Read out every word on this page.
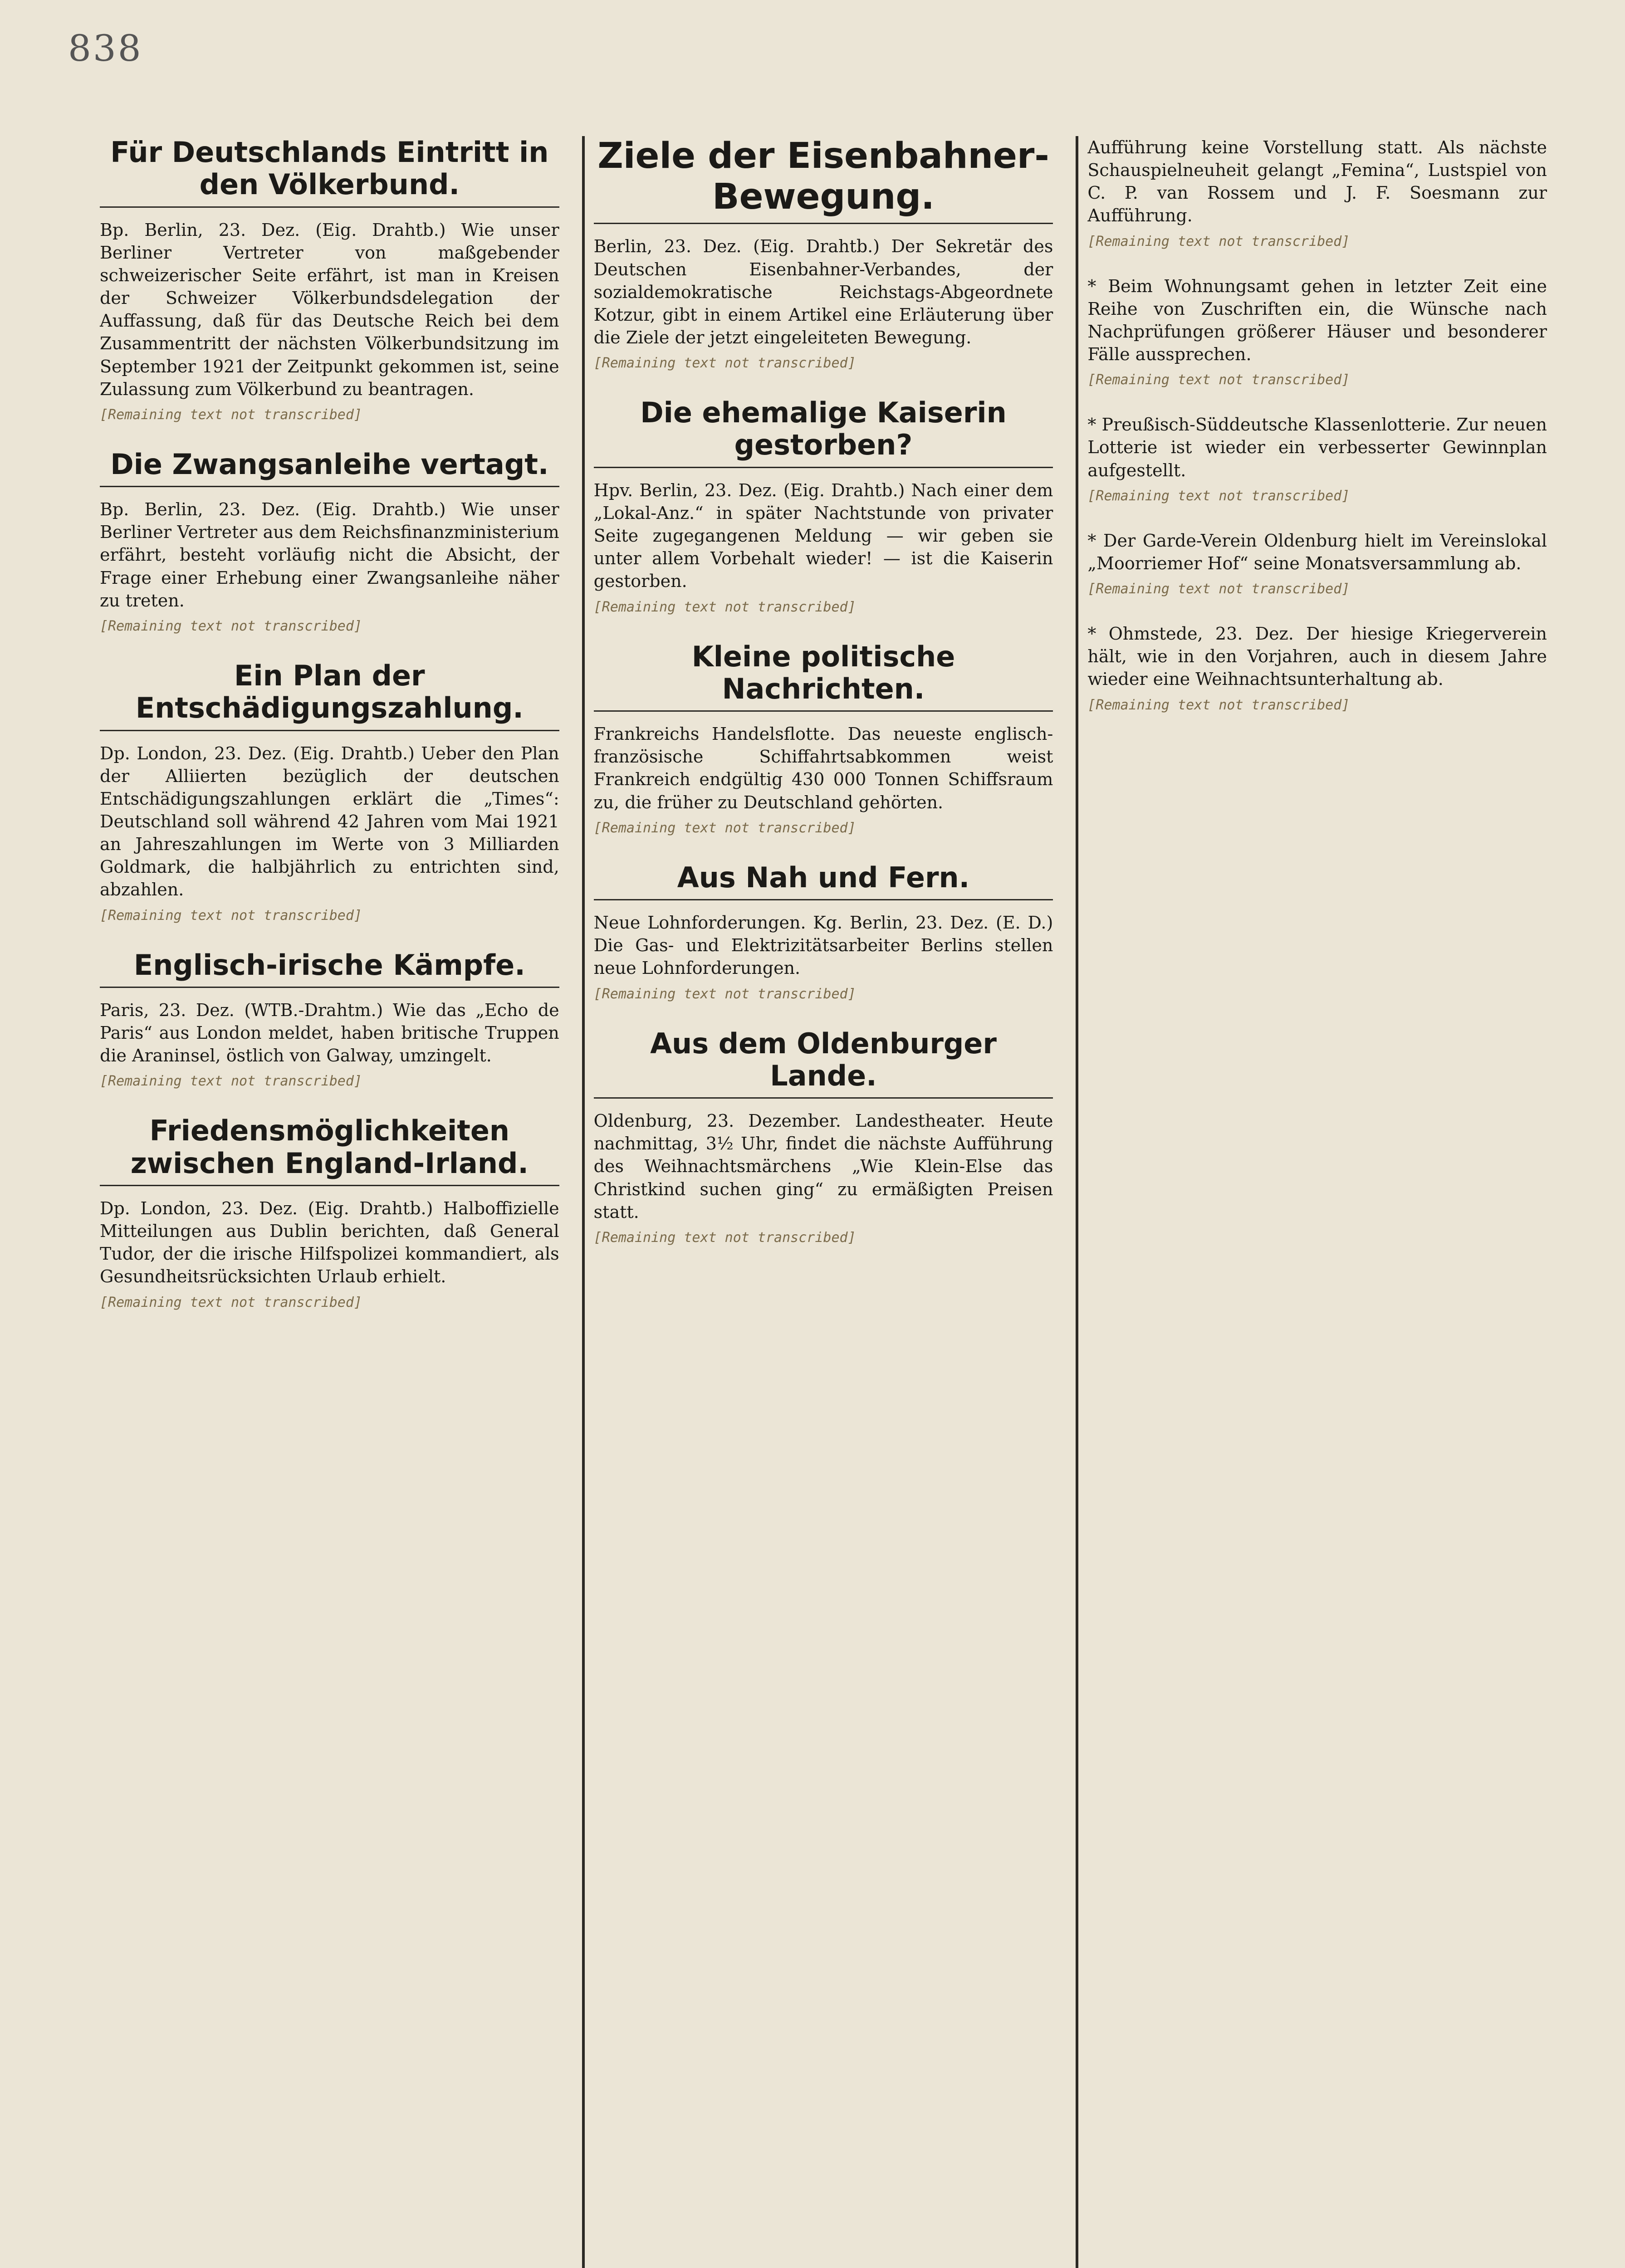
838
Für Deutschlands Eintritt in den Völkerbund.

Bp. Berlin, 23. Dez. (Eig. Drahtb.) Wie unser Berliner Vertreter von maßgebender schweizerischer Seite erfährt, ist man in Kreisen der Schweizer Völkerbundsdelegation der Auffassung, daß für das Deutsche Reich bei dem Zusammentritt der nächsten Völkerbundsitzung im September 1921 der Zeitpunkt gekommen ist, seine Zulassung zum Völkerbund zu beantragen.

[Remaining text not transcribed]
Die Zwangsanleihe vertagt.

Bp. Berlin, 23. Dez. (Eig. Drahtb.) Wie unser Berliner Vertreter aus dem Reichsfinanzministerium erfährt, besteht vorläufig nicht die Absicht, der Frage einer Erhebung einer Zwangsanleihe näher zu treten.

[Remaining text not transcribed]
Ein Plan der Entschädigungszahlung.

Dp. London, 23. Dez. (Eig. Drahtb.) Ueber den Plan der Alliierten bezüglich der deutschen Entschädigungszahlungen erklärt die „Times“: Deutschland soll während 42 Jahren vom Mai 1921 an Jahreszahlungen im Werte von 3 Milliarden Goldmark, die halbjährlich zu entrichten sind, abzahlen.

[Remaining text not transcribed]
Englisch-irische Kämpfe.

Paris, 23. Dez. (WTB.-Drahtm.) Wie das „Echo de Paris“ aus London meldet, haben britische Truppen die Araninsel, östlich von Galway, umzingelt.

[Remaining text not transcribed]
Friedensmöglichkeiten zwischen England-Irland.

Dp. London, 23. Dez. (Eig. Drahtb.) Halboffizielle Mitteilungen aus Dublin berichten, daß General Tudor, der die irische Hilfspolizei kommandiert, als Gesundheitsrücksichten Urlaub erhielt.

[Remaining text not transcribed]
Ziele der Eisenbahner-Bewegung.

Berlin, 23. Dez. (Eig. Drahtb.) Der Sekretär des Deutschen Eisenbahner-Verbandes, der sozialdemokratische Reichstags-Abgeordnete Kotzur, gibt in einem Artikel eine Erläuterung über die Ziele der jetzt eingeleiteten Bewegung.

[Remaining text not transcribed]
Die ehemalige Kaiserin gestorben?

Hpv. Berlin, 23. Dez. (Eig. Drahtb.) Nach einer dem „Lokal-Anz.“ in später Nachtstunde von privater Seite zugegangenen Meldung — wir geben sie unter allem Vorbehalt wieder! — ist die Kaiserin gestorben.

[Remaining text not transcribed]
Kleine politische Nachrichten.

Frankreichs Handelsflotte. Das neueste englisch-französische Schiffahrtsabkommen weist Frankreich endgültig 430 000 Tonnen Schiffsraum zu, die früher zu Deutschland gehörten.

[Remaining text not transcribed]
Aus Nah und Fern.

Neue Lohnforderungen. Kg. Berlin, 23. Dez. (E. D.) Die Gas- und Elektrizitätsarbeiter Berlins stellen neue Lohnforderungen.

[Remaining text not transcribed]
Aus dem Oldenburger Lande.

Oldenburg, 23. Dezember. Landestheater. Heute nachmittag, 3½ Uhr, findet die nächste Aufführung des Weihnachtsmärchens „Wie Klein-Else das Christkind suchen ging“ zu ermäßigten Preisen statt.

[Remaining text not transcribed]

Aufführung keine Vorstellung statt. Als nächste Schauspielneuheit gelangt „Femina“, Lustspiel von C. P. van Rossem und J. F. Soesmann zur Aufführung.

[Remaining text not transcribed]

* Beim Wohnungsamt gehen in letzter Zeit eine Reihe von Zuschriften ein, die Wünsche nach Nachprüfungen größerer Häuser und besonderer Fälle aussprechen.

[Remaining text not transcribed]

* Preußisch-Süddeutsche Klassenlotterie. Zur neuen Lotterie ist wieder ein verbesserter Gewinnplan aufgestellt.

[Remaining text not transcribed]

* Der Garde-Verein Oldenburg hielt im Vereinslokal „Moorriemer Hof“ seine Monatsversammlung ab.

[Remaining text not transcribed]

* Ohmstede, 23. Dez. Der hiesige Kriegerverein hält, wie in den Vorjahren, auch in diesem Jahre wieder eine Weihnachtsunterhaltung ab.

[Remaining text not transcribed]
